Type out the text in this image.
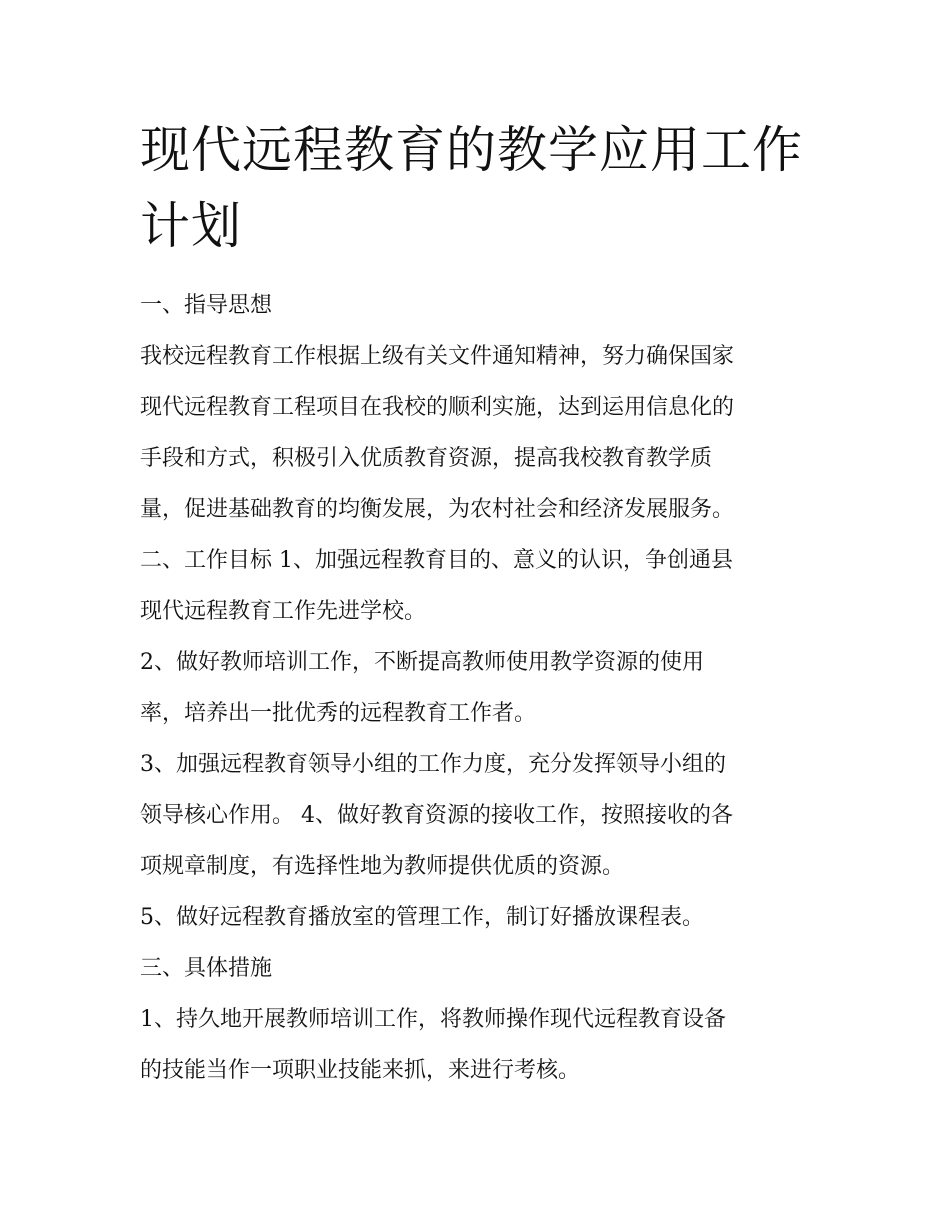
现代远程教育的教学应用工作
计划

一、指导思想

我校远程教育工作根据上级有关文件通知精神，努力确保国家

现代远程教育工程项目在我校的顺利实施，达到运用信息化的

手段和方式，积极引入优质教育资源，提高我校教育教学质

量，促进基础教育的均衡发展，为农村社会和经济发展服务。

二、工作目标 1、加强远程教育目的、意义的认识，争创通县

现代远程教育工作先进学校。

2、做好教师培训工作，不断提高教师使用教学资源的使用

率，培养出一批优秀的远程教育工作者。

3、加强远程教育领导小组的工作力度，充分发挥领导小组的

领导核心作用。 4、做好教育资源的接收工作，按照接收的各

项规章制度，有选择性地为教师提供优质的资源。

5、做好远程教育播放室的管理工作，制订好播放课程表。

三、具体措施

1、持久地开展教师培训工作，将教师操作现代远程教育设备

的技能当作一项职业技能来抓，来进行考核。
